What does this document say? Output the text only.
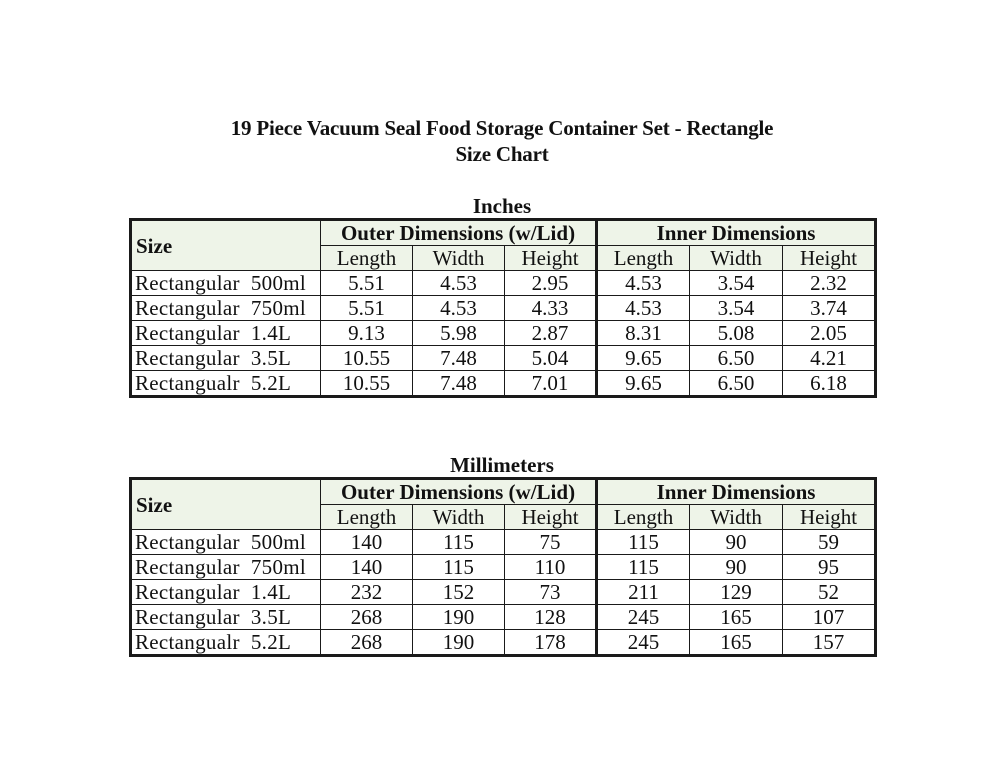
19 Piece Vacuum Seal Food Storage Container Set - Rectangle
Size Chart
Inches
Size	Outer Dimensions (w/Lid)			Inner Dimensions		
	Length	Width	Height	Length	Width	Height
Rectangular  500ml	5.51	4.53	2.95	4.53	3.54	2.32
Rectangular  750ml	5.51	4.53	4.33	4.53	3.54	3.74
Rectangular  1.4L	9.13	5.98	2.87	8.31	5.08	2.05
Rectangular  3.5L	10.55	7.48	5.04	9.65	6.50	4.21
Rectangualr  5.2L	10.55	7.48	7.01	9.65	6.50	6.18
Millimeters
Size	Outer Dimensions (w/Lid)			Inner Dimensions		
	Length	Width	Height	Length	Width	Height
Rectangular  500ml	140	115	75	115	90	59
Rectangular  750ml	140	115	110	115	90	95
Rectangular  1.4L	232	152	73	211	129	52
Rectangular  3.5L	268	190	128	245	165	107
Rectangualr  5.2L	268	190	178	245	165	157
